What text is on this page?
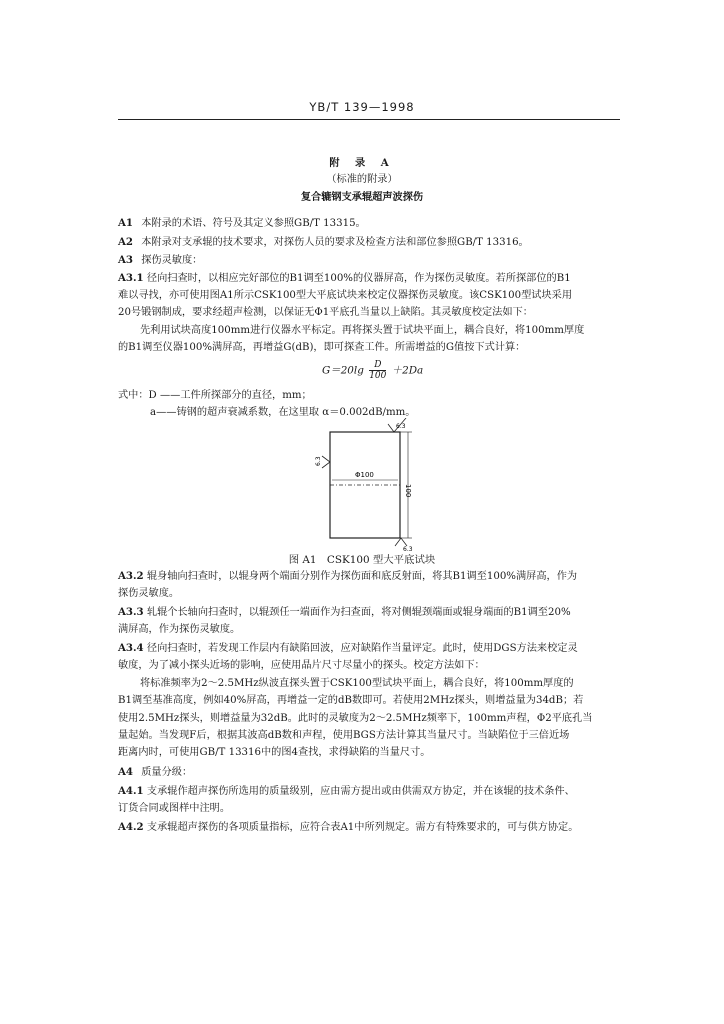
YB/T 139—1998
附 录 A
（标准的附录）
复合辘钢支承辊超声波探伤
A1 本附录的术语、符号及其定义参照GB/T 13315。
A2 本附录对支承辊的技术要求，对探伤人员的要求及检查方法和部位参照GB/T 13316。
A3 探伤灵敏度：
A3.1 径向扫查时，以相应完好部位的B1调至100%的仪器屏高，作为探伤灵敏度。若所探部位的B1
难以寻找，亦可使用图A1所示CSK100型大平底试块来校定仪器探伤灵敏度。该CSK100型试块采用
20号锻钢制成，要求经超声检测，以保证无Φ1平底孔当量以上缺陷。其灵敏度校定法如下：
先利用试块高度100mm进行仪器水平标定。再将探头置于试块平面上，耦合良好，将100mm厚度
的B1调至仪器100%满屏高，再增益G(dB)，即可探查工件。所需增益的G值按下式计算：
$G=20\lg \frac{D}{100} +2Da$
式中：D ——工件所探部分的直径，mm；
a——铸钢的超声衰减系数，在这里取 α＝0.002dB/mm。
Φ100
100
6.3
6.3
6.3
图 A1　CSK100 型大平底试块
A3.2 辊身轴向扫查时，以辊身两个端面分别作为探伤面和底反射面，将其B1调至100%满屏高，作为
探伤灵敏度。
A3.3 轧辊个长轴向扫查时，以辊颈任一端面作为扫查面，将对侧辊颈端面或辊身端面的B1调至20%
满屏高，作为探伤灵敏度。
A3.4 径向扫查时，若发现工作层内有缺陷回波，应对缺陷作当量评定。此时，使用DGS方法来校定灵
敏度，为了减小探头近场的影响，应使用晶片尺寸尽量小的探头。校定方法如下：
将标准频率为2～2.5MHz纵波直探头置于CSK100型试块平面上，耦合良好，将100mm厚度的
B1调至基准高度，例如40%屏高，再增益一定的dB数即可。若使用2MHz探头，则增益量为34dB；若
使用2.5MHz探头，则增益量为32dB。此时的灵敏度为2～2.5MHz频率下，100mm声程，Φ2平底孔当
量起始。当发现F后，根据其波高dB数和声程，使用BGS方法计算其当量尺寸。当缺陷位于三倍近场
距离内时，可使用GB/T 13316中的图4查找，求得缺陷的当量尺寸。
A4 质量分级：
A4.1 支承辊作超声探伤所选用的质量级别，应由需方提出或由供需双方协定，并在该辊的技术条件、
订货合同或图样中注明。
A4.2 支承辊超声探伤的各项质量指标，应符合表A1中所列规定。需方有特殊要求的，可与供方协定。
